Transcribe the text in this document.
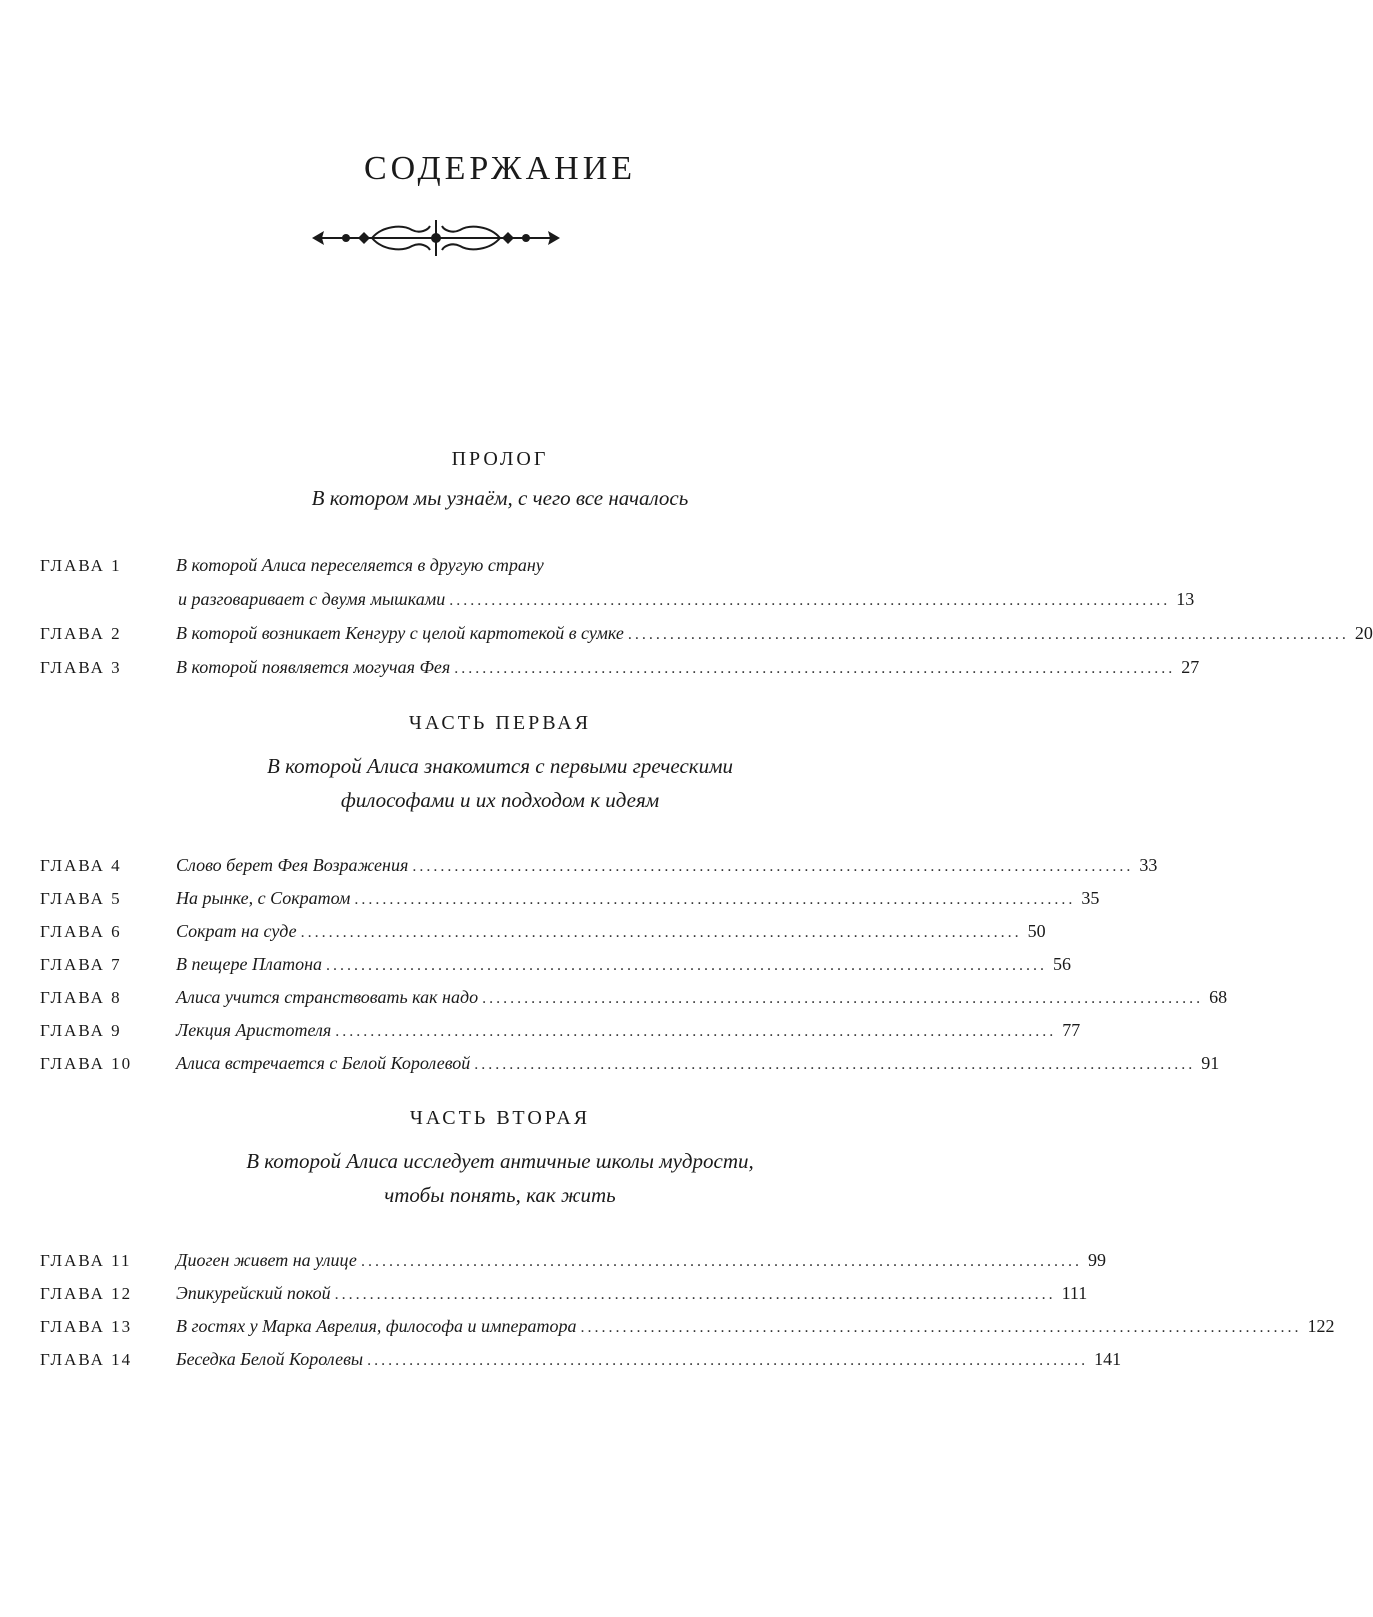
СОДЕРЖАНИЕ
ПРОЛОГ
В котором мы узнаём, с чего все началось
ГЛАВА 1	В которой Алиса переселяется в другую страну
и разговаривает с двумя мышками ....................................................................................................... 13
ГЛАВА 2	В которой возникает Кенгуру с целой картотекой в сумке ....................................................................................................... 20
ГЛАВА 3	В которой появляется могучая Фея ....................................................................................................... 27
ЧАСТЬ ПЕРВАЯ
В которой Алиса знакомится с первыми греческими
философами и их подходом к идеям
ГЛАВА 4	Слово берет Фея Возражения ....................................................................................................... 33
ГЛАВА 5	На рынке, с Сократом ....................................................................................................... 35
ГЛАВА 6	Сократ на суде ....................................................................................................... 50
ГЛАВА 7	В пещере Платона ....................................................................................................... 56
ГЛАВА 8	Алиса учится странствовать как надо ....................................................................................................... 68
ГЛАВА 9	Лекция Аристотеля ....................................................................................................... 77
ГЛАВА 10	Алиса встречается с Белой Королевой ....................................................................................................... 91
ЧАСТЬ ВТОРАЯ
В которой Алиса исследует античные школы мудрости,
чтобы понять, как жить
ГЛАВА 11	Диоген живет на улице ....................................................................................................... 99
ГЛАВА 12	Эпикурейский покой ....................................................................................................... 111
ГЛАВА 13	В гостях у Марка Аврелия, философа и императора ....................................................................................................... 122
ГЛАВА 14	Беседка Белой Королевы ....................................................................................................... 141
